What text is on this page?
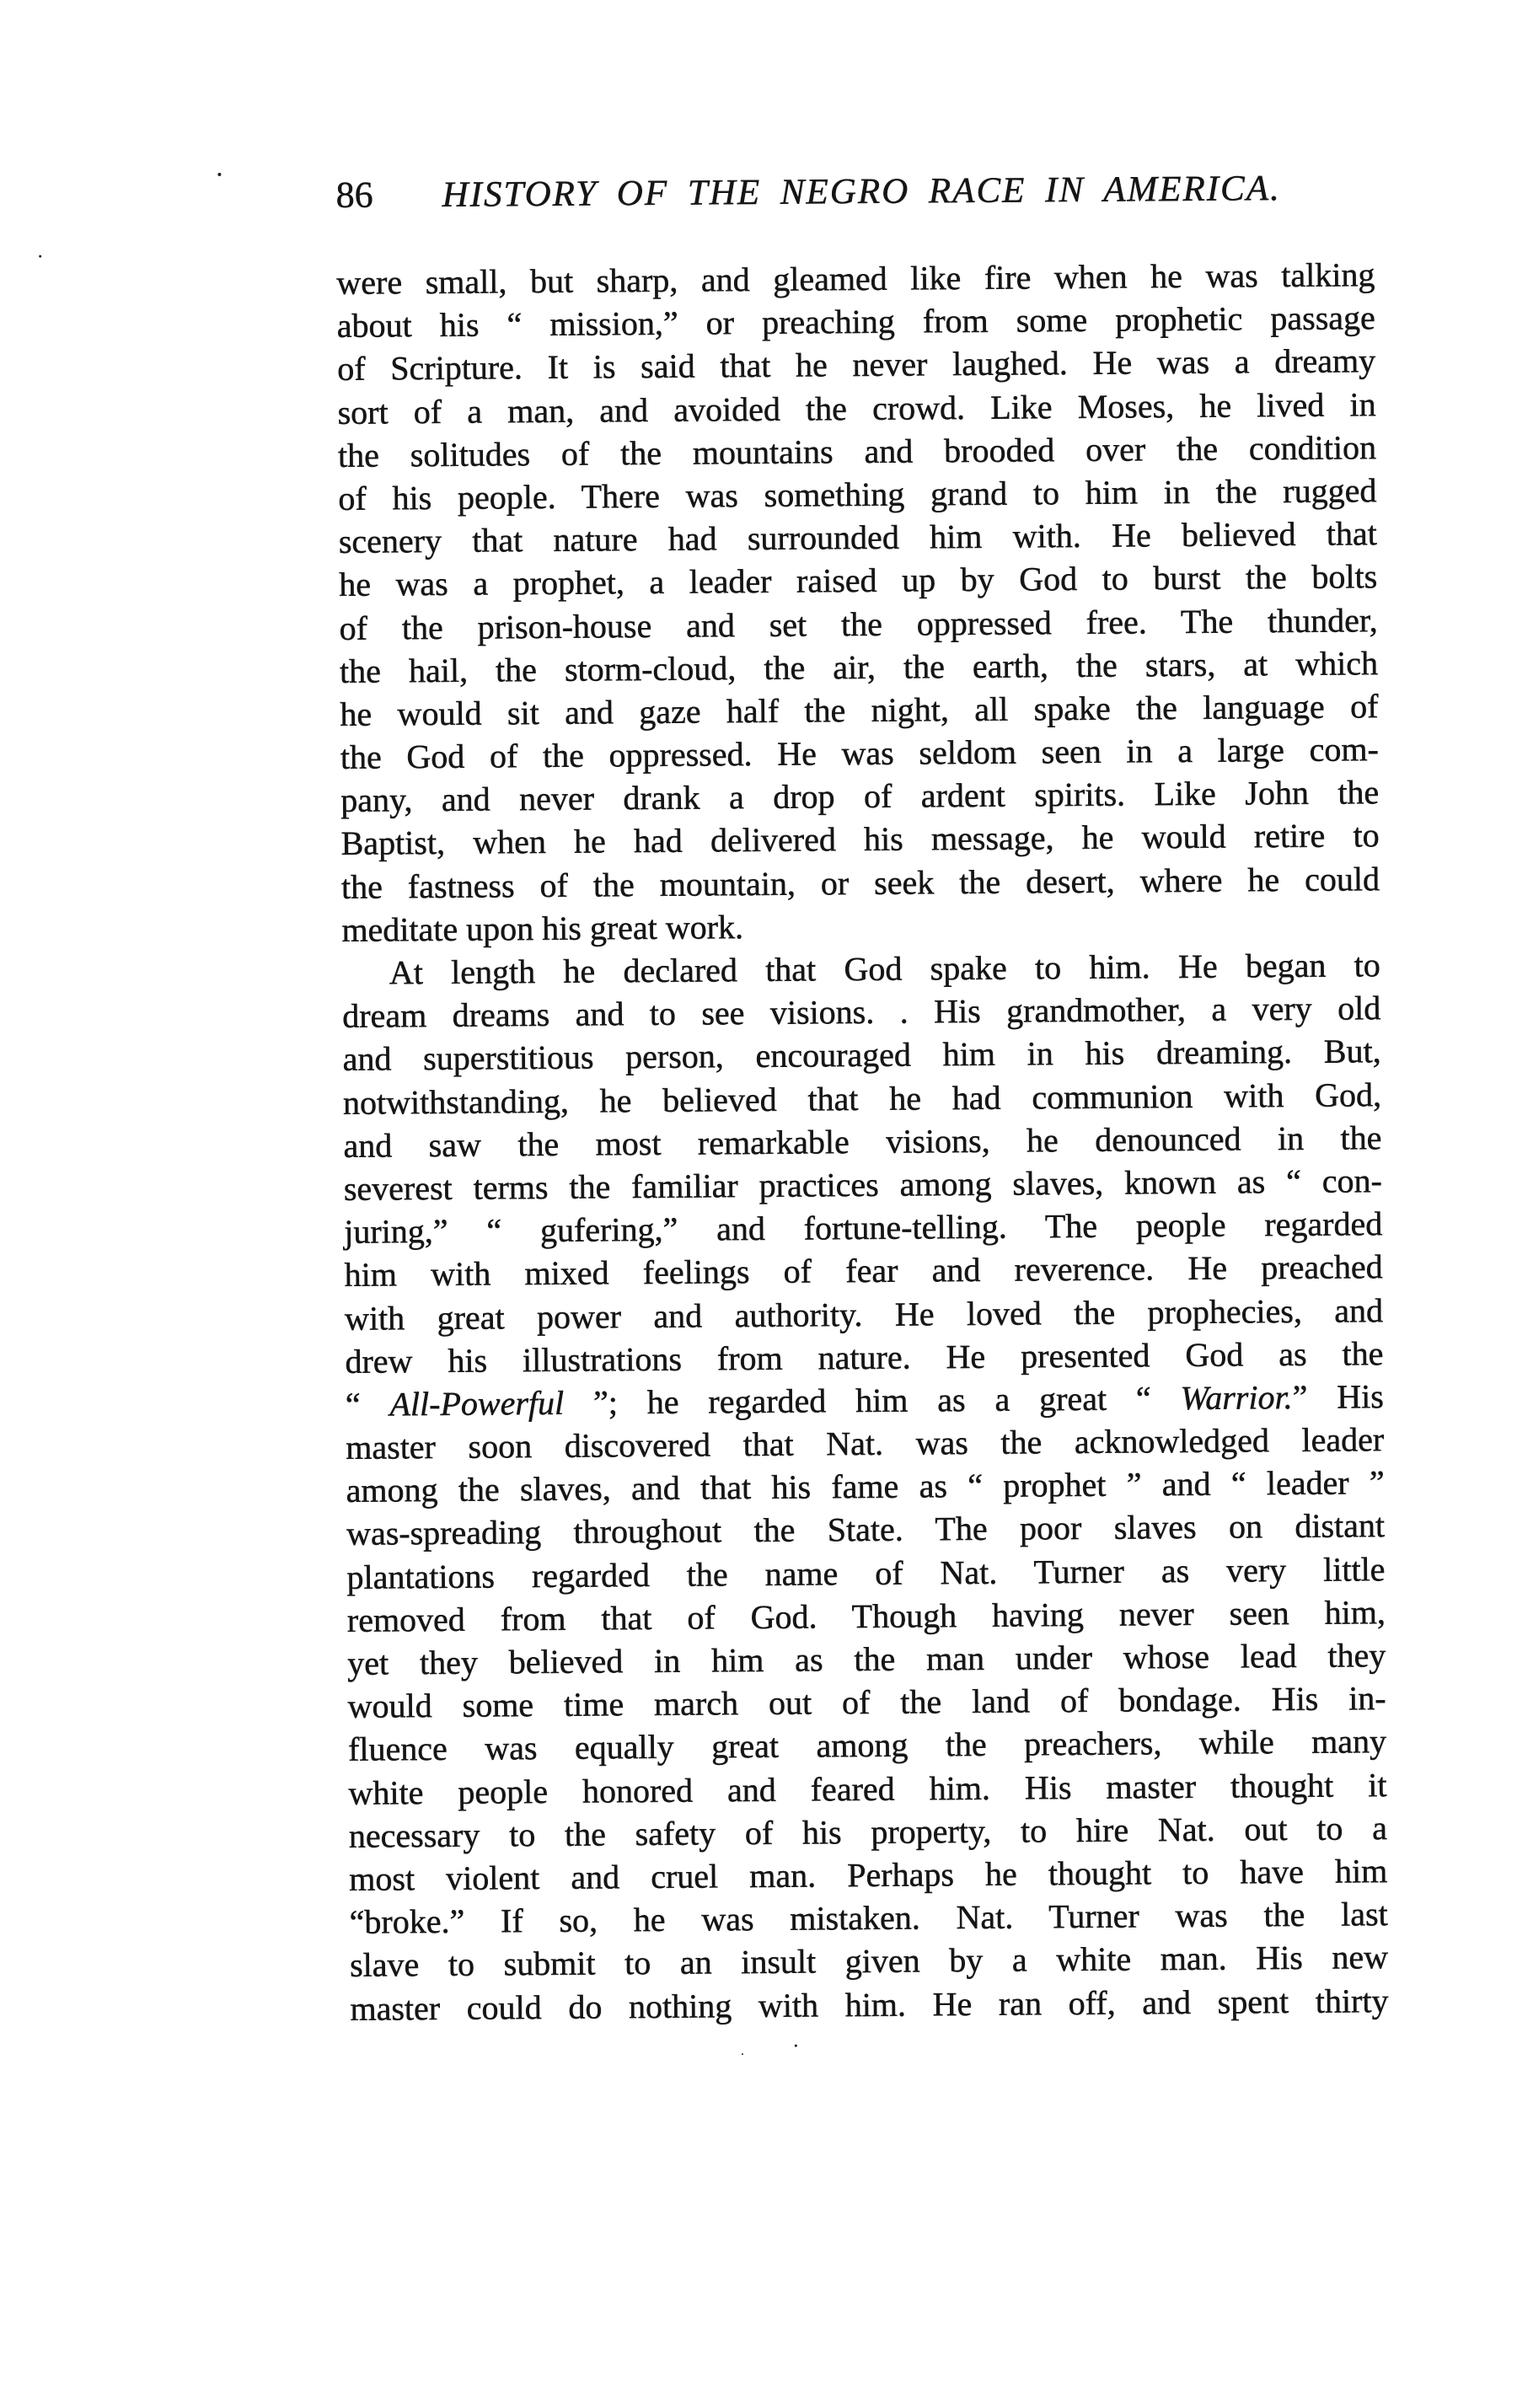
86 HISTORY OF THE NEGRO RACE IN AMERICA.
were small, but sharp, and gleamed like fire when he was talking
about his “ mission,” or preaching from some prophetic passage
of Scripture. It is said that he never laughed. He was a dreamy
sort of a man, and avoided the crowd. Like Moses, he lived in
the solitudes of the mountains and brooded over the condition
of his people. There was something grand to him in the rugged
scenery that nature had surrounded him with. He believed that
he was a prophet, a leader raised up by God to burst the bolts
of the prison-house and set the oppressed free. The thunder,
the hail, the storm-cloud, the air, the earth, the stars, at which
he would sit and gaze half the night, all spake the language of
the God of the oppressed. He was seldom seen in a large com-
pany, and never drank a drop of ardent spirits. Like John the
Baptist, when he had delivered his message, he would retire to
the fastness of the mountain, or seek the desert, where he could
meditate upon his great work.
At length he declared that God spake to him. He began to
dream dreams and to see visions. . His grandmother, a very old
and superstitious person, encouraged him in his dreaming. But,
notwithstanding, he believed that he had communion with God,
and saw the most remarkable visions, he denounced in the
severest terms the familiar practices among slaves, known as “ con-
juring,” “ gufering,” and fortune-telling. The people regarded
him with mixed feelings of fear and reverence. He preached
with great power and authority. He loved the prophecies, and
drew his illustrations from nature. He presented God as the
“ All-Powerful ”; he regarded him as a great “ Warrior.” His
master soon discovered that Nat. was the acknowledged leader
among the slaves, and that his fame as “ prophet ” and “ leader ”
was-spreading throughout the State. The poor slaves on distant
plantations regarded the name of Nat. Turner as very little
removed from that of God. Though having never seen him,
yet they believed in him as the man under whose lead they
would some time march out of the land of bondage. His in-
fluence was equally great among the preachers, while many
white people honored and feared him. His master thought it
necessary to the safety of his property, to hire Nat. out to a
most violent and cruel man. Perhaps he thought to have him
“broke.” If so, he was mistaken. Nat. Turner was the last
slave to submit to an insult given by a white man. His new
master could do nothing with him. He ran off, and spent thirty
